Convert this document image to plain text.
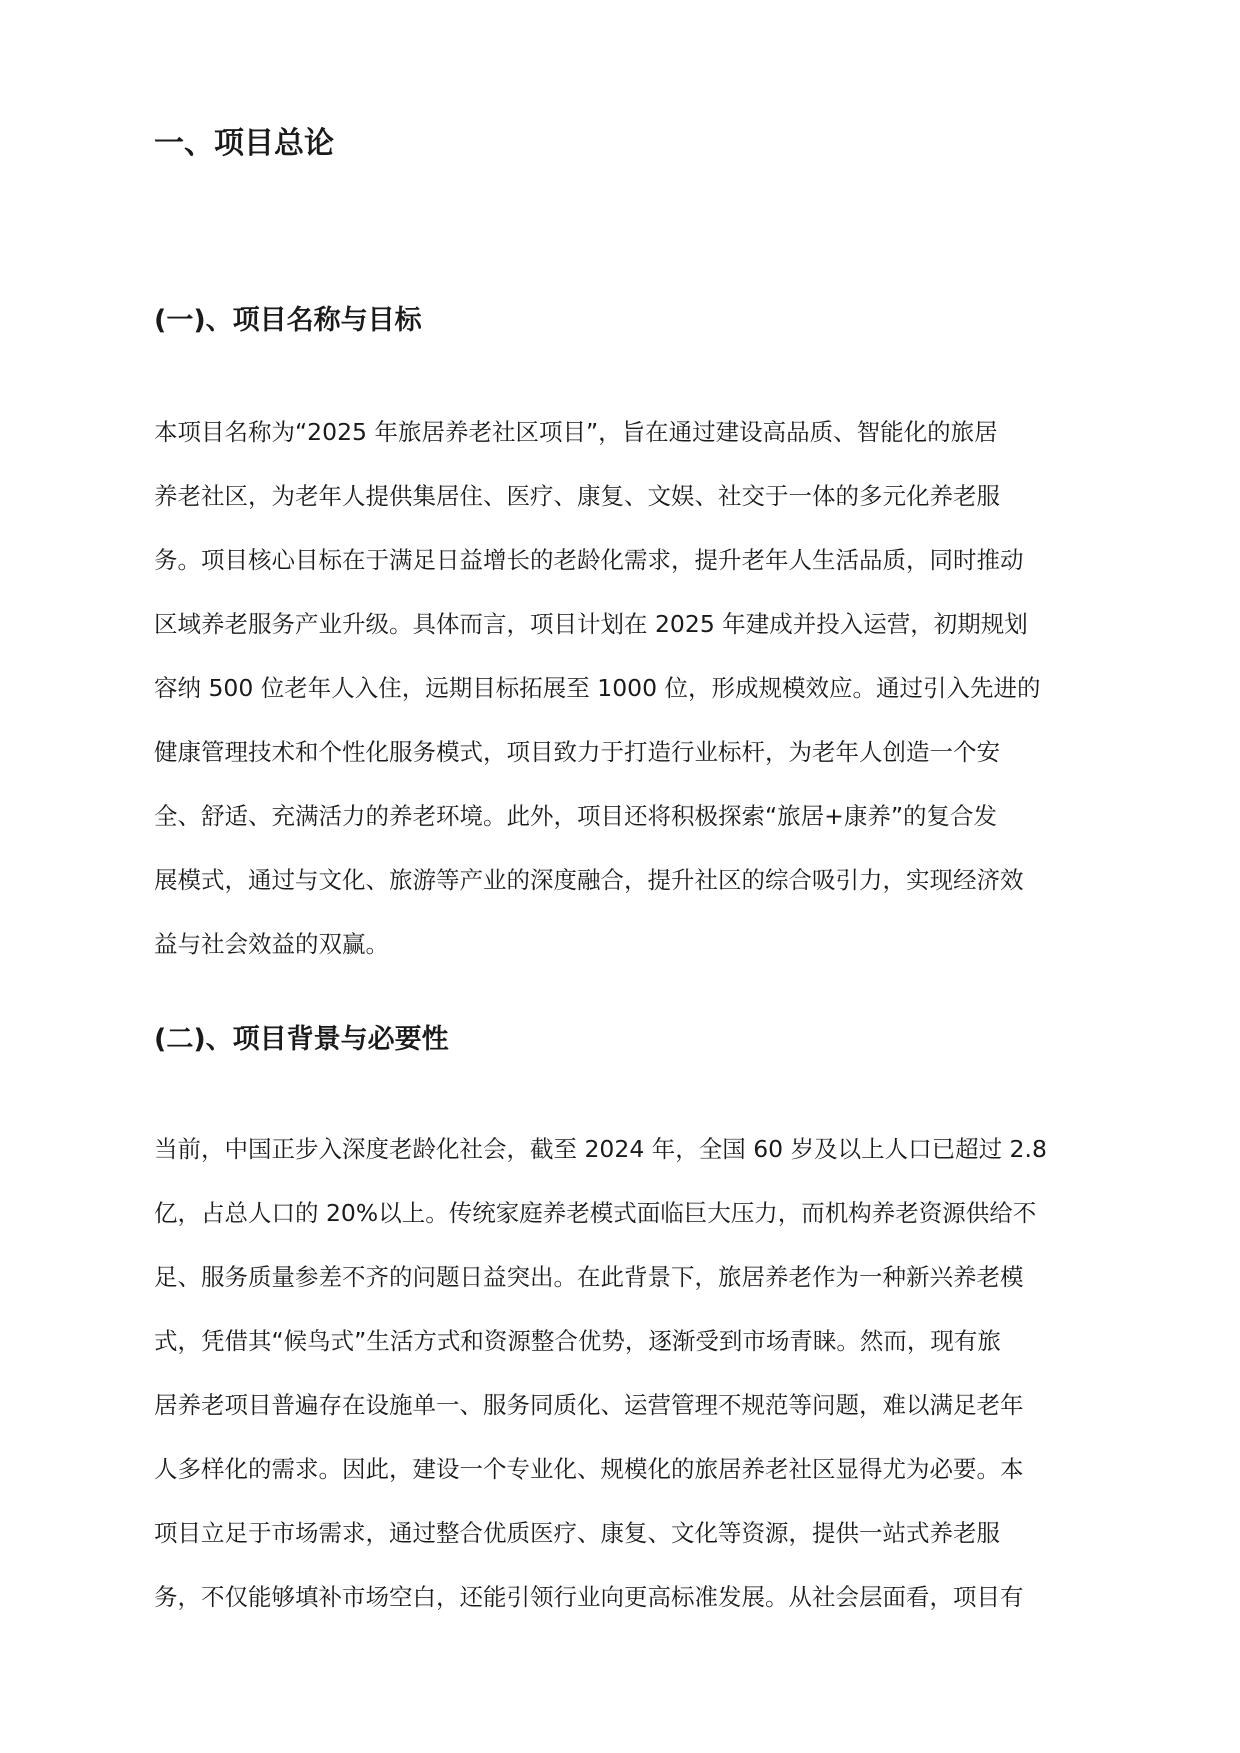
一、项目总论
(一)、项目名称与目标
本项目名称为“2025 年旅居养老社区项目”，旨在通过建设高品质、智能化的旅居
养老社区，为老年人提供集居住、医疗、康复、文娱、社交于一体的多元化养老服
务。项目核心目标在于满足日益增长的老龄化需求，提升老年人生活品质，同时推动
区域养老服务产业升级。具体而言，项目计划在 2025 年建成并投入运营，初期规划
容纳 500 位老年人入住，远期目标拓展至 1000 位，形成规模效应。通过引入先进的
健康管理技术和个性化服务模式，项目致力于打造行业标杆，为老年人创造一个安
全、舒适、充满活力的养老环境。此外，项目还将积极探索“旅居+康养”的复合发
展模式，通过与文化、旅游等产业的深度融合，提升社区的综合吸引力，实现经济效
益与社会效益的双赢。
(二)、项目背景与必要性
当前，中国正步入深度老龄化社会，截至 2024 年，全国 60 岁及以上人口已超过 2.8
亿，占总人口的 20%以上。传统家庭养老模式面临巨大压力，而机构养老资源供给不
足、服务质量参差不齐的问题日益突出。在此背景下，旅居养老作为一种新兴养老模
式，凭借其“候鸟式”生活方式和资源整合优势，逐渐受到市场青睐。然而，现有旅
居养老项目普遍存在设施单一、服务同质化、运营管理不规范等问题，难以满足老年
人多样化的需求。因此，建设一个专业化、规模化的旅居养老社区显得尤为必要。本
项目立足于市场需求，通过整合优质医疗、康复、文化等资源，提供一站式养老服
务，不仅能够填补市场空白，还能引领行业向更高标准发展。从社会层面看，项目有
